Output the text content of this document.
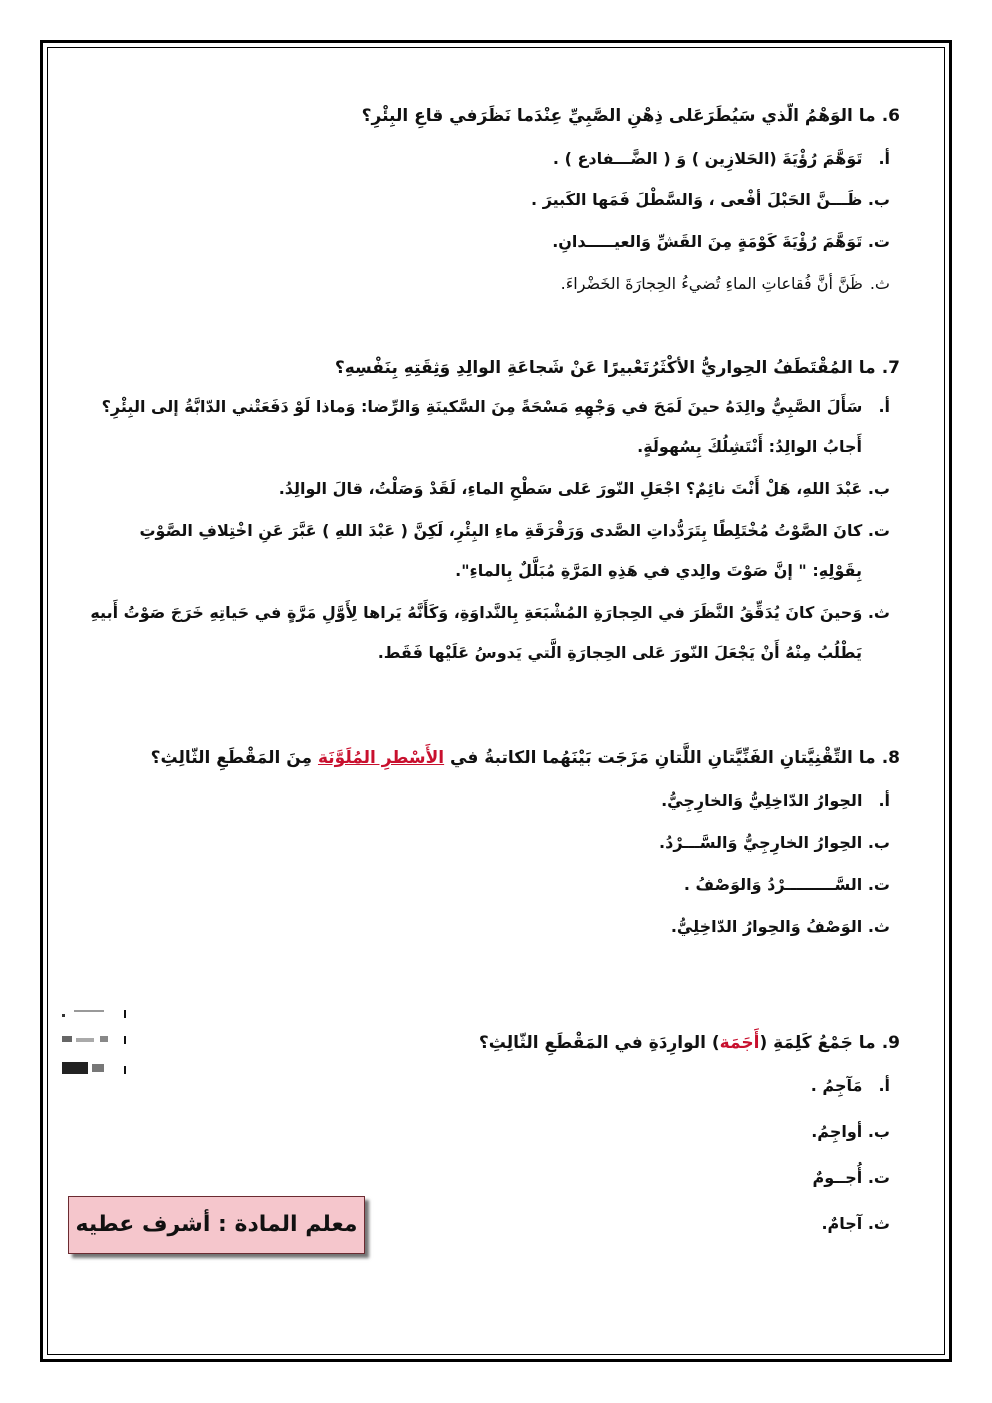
6.ما الوَهْمُ الّذي سَيُطَرَعَلى ذِهْنِ الصَّبِيِّ عِنْدَما نَظَرَفي قاعِ البِئْرِ؟

أ. تَوَهَّمَ رُؤْيَةَ (الحَلازِين ) وَ ( الضَّـــفادع ) .

ب. ظَـــنَّ الحَبْلَ أفْعى ، وَالسَّطْلَ فَمَها الكَبيرَ .

ت. تَوَهَّمَ رُؤْيَةَ كَوْمَةٍ مِنَ القَشِّ وَالعيـــــدانِ.

ث. ظَنَّ أنَّ فُقاعاتِ الماءِ تُضيءُ الحِجارَةَ الخَضْراءَ.

7.ما المُقْتَطَفُ الحِواريُّ الأكْثَرُتَعْبيرًا عَنْ شَجاعَةِ الوالِدِ وَثِقَتِهِ بِنَفْسِهِ؟

أ. سَأَلَ الصَّبِيُّ والِدَهُ حينَ لَمَحَ في وَجْهِهِ مَسْحَةً مِنَ السَّكينَةِ وَالرِّضا: وَماذا لَوْ دَفَعَتْني الدّابَّةُ إلى البِئْرِ؟

أَجابُ الوالِدُ: أَنْتَشِلُكَ بِسُهولَةٍ.

ب. عَبْدَ اللهِ، هَلْ أَنْتَ نائِمٌ؟ اجْعَلِ النّورَ عَلى سَطْحِ الماءِ، لَقَدْ وَصَلْتُ، قالَ الوالِدُ.

ت. كانَ الصَّوْتُ مُخْتَلِطًا بِتَرَدُّداتِ الصَّدى وَرَقْرَقَةِ ماءِ البِئْرِ، لَكِنَّ ( عَبْدَ اللهِ ) عَبَّرَ عَنِ اخْتِلافِ الصَّوْتِ

بِقَوْلِهِ: " إنَّ صَوْتَ والِدي في هَذِهِ المَرَّةِ مُبَلَّلٌ بِالماءِ".

ث. وَحينَ كانَ يُدَقِّقُ النَّظَرَ في الحِجارَةِ المُشْبَعَةِ بِالنَّداوَةِ، وَكَأَنَّهُ يَراها لِأَوَّلِ مَرَّةٍ في حَياتِهِ خَرَجَ صَوْتُ أَبيهِ

يَطْلُبُ مِنْهُ أَنْ يَجْعَلَ النّورَ عَلى الحِجارَةِ الَّتي يَدوسُ عَلَيْها فَقَط.

8.ما التِّقْنِيَّتانِ الفَنِّيَّتانِ اللَّتانِ مَزَجَت بَيْنَهُما الكاتبةُ في الأَسْطرِ المُلَوَّنَة مِنَ المَقْطَعِ الثّالِثِ؟

أ. الحِوارُ الدّاخِلِيُّ وَالخارِجِيُّ.

ب. الحِوارُ الخارِجِيُّ وَالسَّـــرْدُ.

ت. السَّـــــــــرْدُ وَالوَصْفُ .

ث. الوَصْفُ وَالحِوارُ الدّاخِلِيُّ.

9.ما جَمْعُ كَلِمَةِ (أَجَمَة) الوارِدَةِ في المَقْطَعِ الثّالِثِ؟

أ. مَآجِمُ .

ب. أواجِمُ.

ت. أُجــومٌ

ث. آجامٌ.

معلم المادة : أشرف عطيه
